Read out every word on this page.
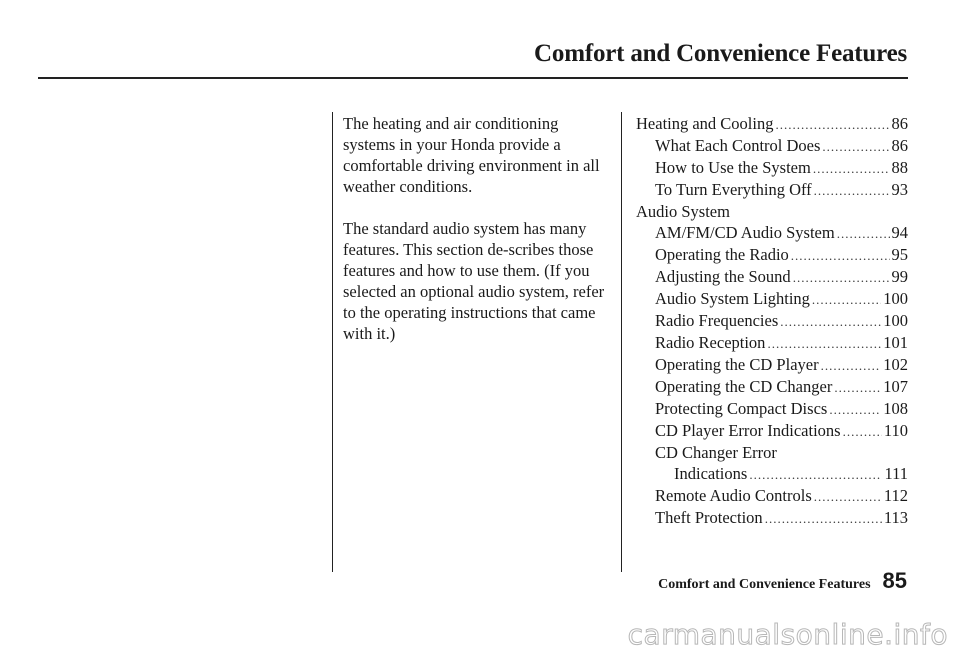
Comfort and Convenience Features

The heating and air conditioning systems in your Honda provide a comfortable driving environment in all weather conditions.

The standard audio system has many features. This section de-scribes those features and how to use them. (If you selected an optional audio system, refer to the operating instructions that came with it.)

Heating and Cooling .....	86
What Each Control Does .....	86
How to Use the System .....	88
To Turn Everything Off .....	93
Audio System
AM/FM/CD Audio System .....	94
Operating the Radio .....	95
Adjusting the Sound .....	99
Audio System Lighting .....	100
Radio Frequencies .....	100
Radio Reception .....	101
Operating the CD Player .....	102
Operating the CD Changer .....	107
Protecting Compact Discs .....	108
CD Player Error Indications .....	110
CD Changer Error
Indications .....	111
Remote Audio Controls .....	112
Theft Protection .....	113
Comfort and Convenience Features 85
carmanualsonline.info
